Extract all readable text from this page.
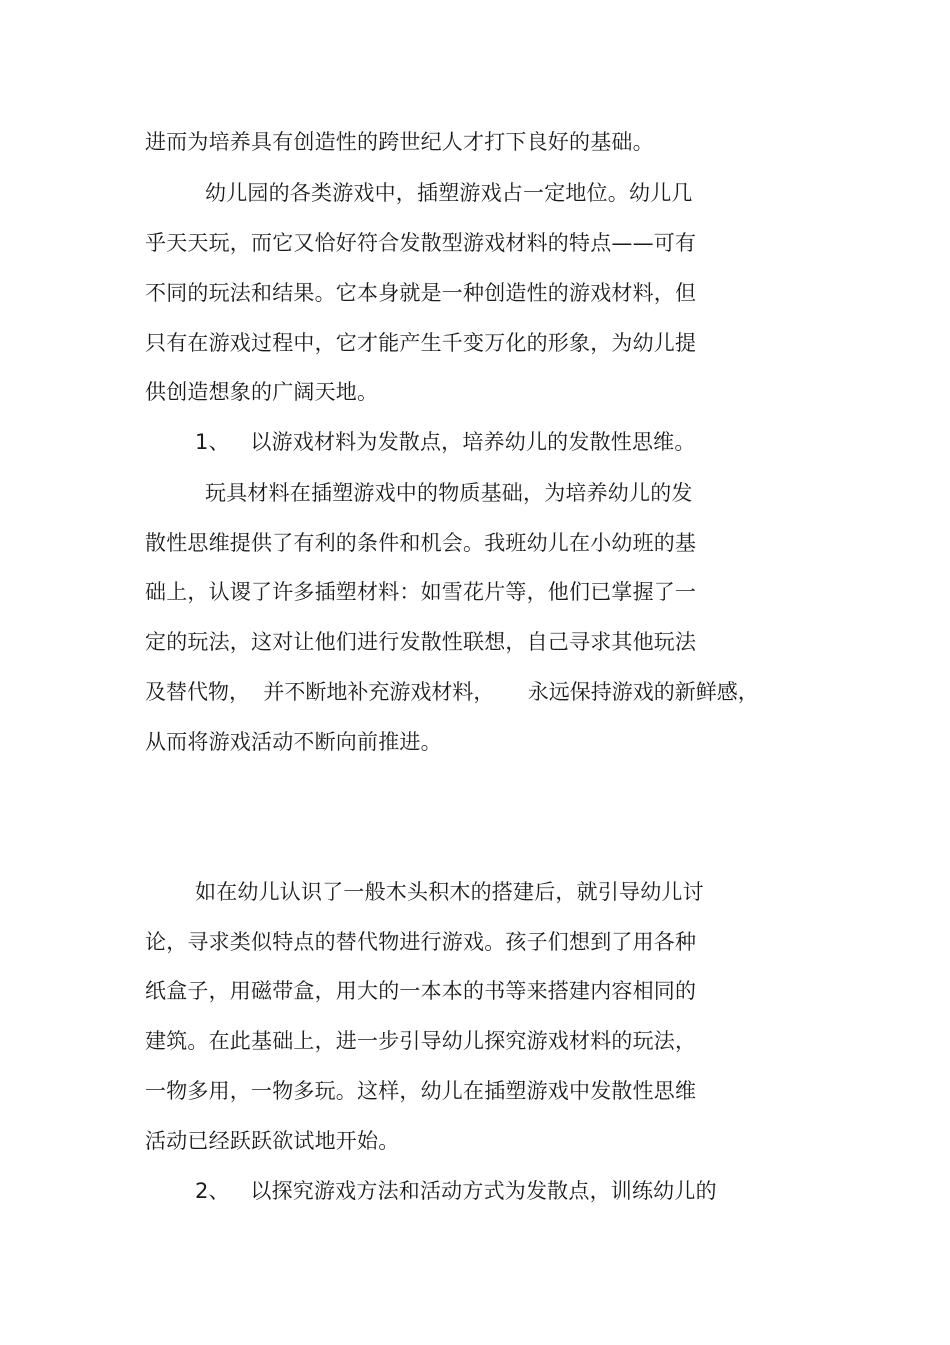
进而为培养具有创造性的跨世纪人才打下良好的基础。
幼儿园的各类游戏中，插塑游戏占一定地位。幼儿几
乎天天玩，而它又恰好符合发散型游戏材料的特点——可有
不同的玩法和结果。它本身就是一种创造性的游戏材料，但
只有在游戏过程中，它才能产生千变万化的形象，为幼儿提
供创造想象的广阔天地。
1、   以游戏材料为发散点，培养幼儿的发散性思维。
玩具材料在插塑游戏中的物质基础，为培养幼儿的发
散性思维提供了有利的条件和机会。我班幼儿在小幼班的基
础上，认谡了许多插塑材料：如雪花片等，他们已掌握了一
定的玩法，这对让他们进行发散性联想，自己寻求其他玩法
及替代物，  并不断地补充游戏材料，     永远保持游戏的新鲜感，
从而将游戏活动不断向前推进。
如在幼儿认识了一般木头积木的搭建后，就引导幼儿讨
论，寻求类似特点的替代物进行游戏。孩子们想到了用各种
纸盒子，用磁带盒，用大的一本本的书等来搭建内容相同的
建筑。在此基础上，进一步引导幼儿探究游戏材料的玩法，
一物多用，一物多玩。这样，幼儿在插塑游戏中发散性思维
活动已经跃跃欲试地开始。
2、   以探究游戏方法和活动方式为发散点，训练幼儿的
